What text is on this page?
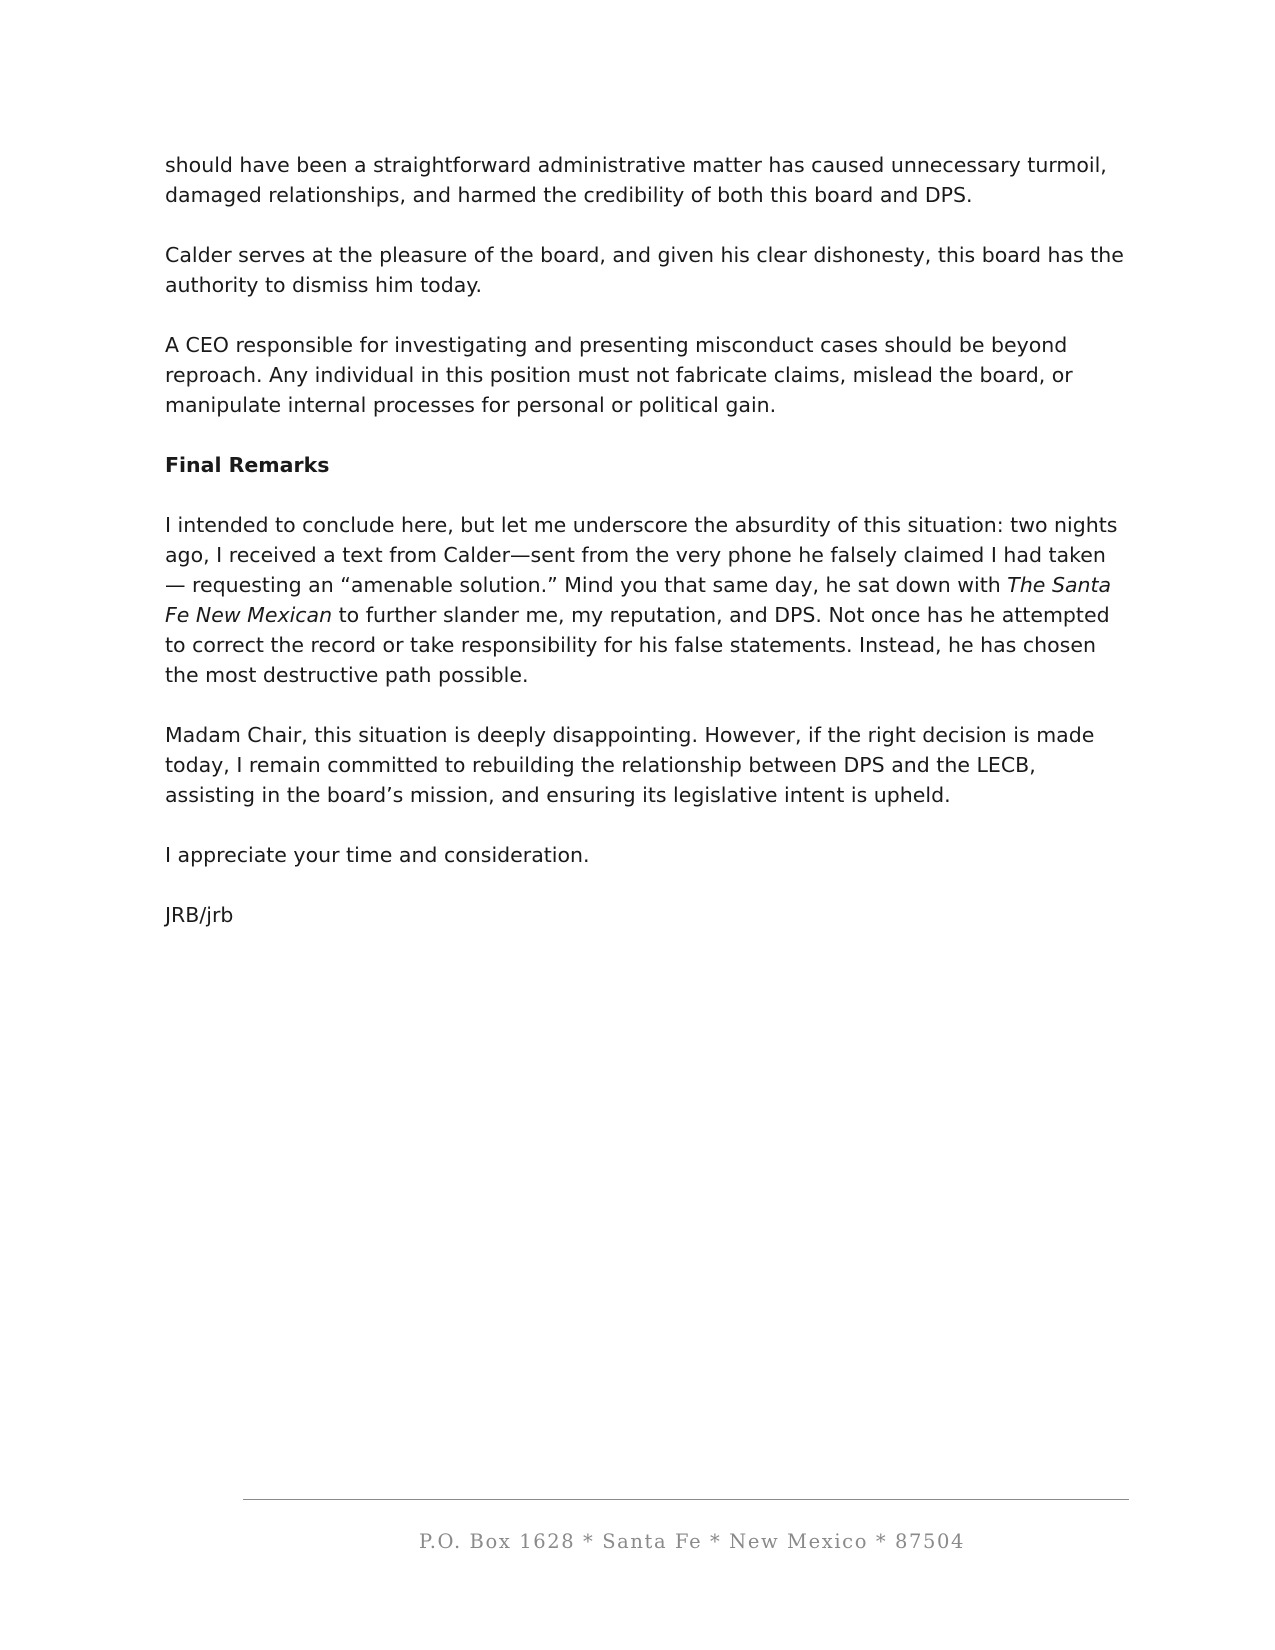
should have been a straightforward administrative matter has caused unnecessary turmoil, damaged relationships, and harmed the credibility of both this board and DPS.

Calder serves at the pleasure of the board, and given his clear dishonesty, this board has the authority to dismiss him today.

A CEO responsible for investigating and presenting misconduct cases should be beyond reproach. Any individual in this position must not fabricate claims, mislead the board, or manipulate internal processes for personal or political gain.

Final Remarks

I intended to conclude here, but let me underscore the absurdity of this situation: two nights ago, I received a text from Calder—sent from the very phone he falsely claimed I had taken— requesting an “amenable solution.” Mind you that same day, he sat down with The Santa Fe New Mexican to further slander me, my reputation, and DPS. Not once has he attempted to correct the record or take responsibility for his false statements. Instead, he has chosen the most destructive path possible.

Madam Chair, this situation is deeply disappointing. However, if the right decision is made today, I remain committed to rebuilding the relationship between DPS and the LECB, assisting in the board’s mission, and ensuring its legislative intent is upheld.

I appreciate your time and consideration.

JRB/jrb

P.O. Box 1628 * Santa Fe * New Mexico * 87504
